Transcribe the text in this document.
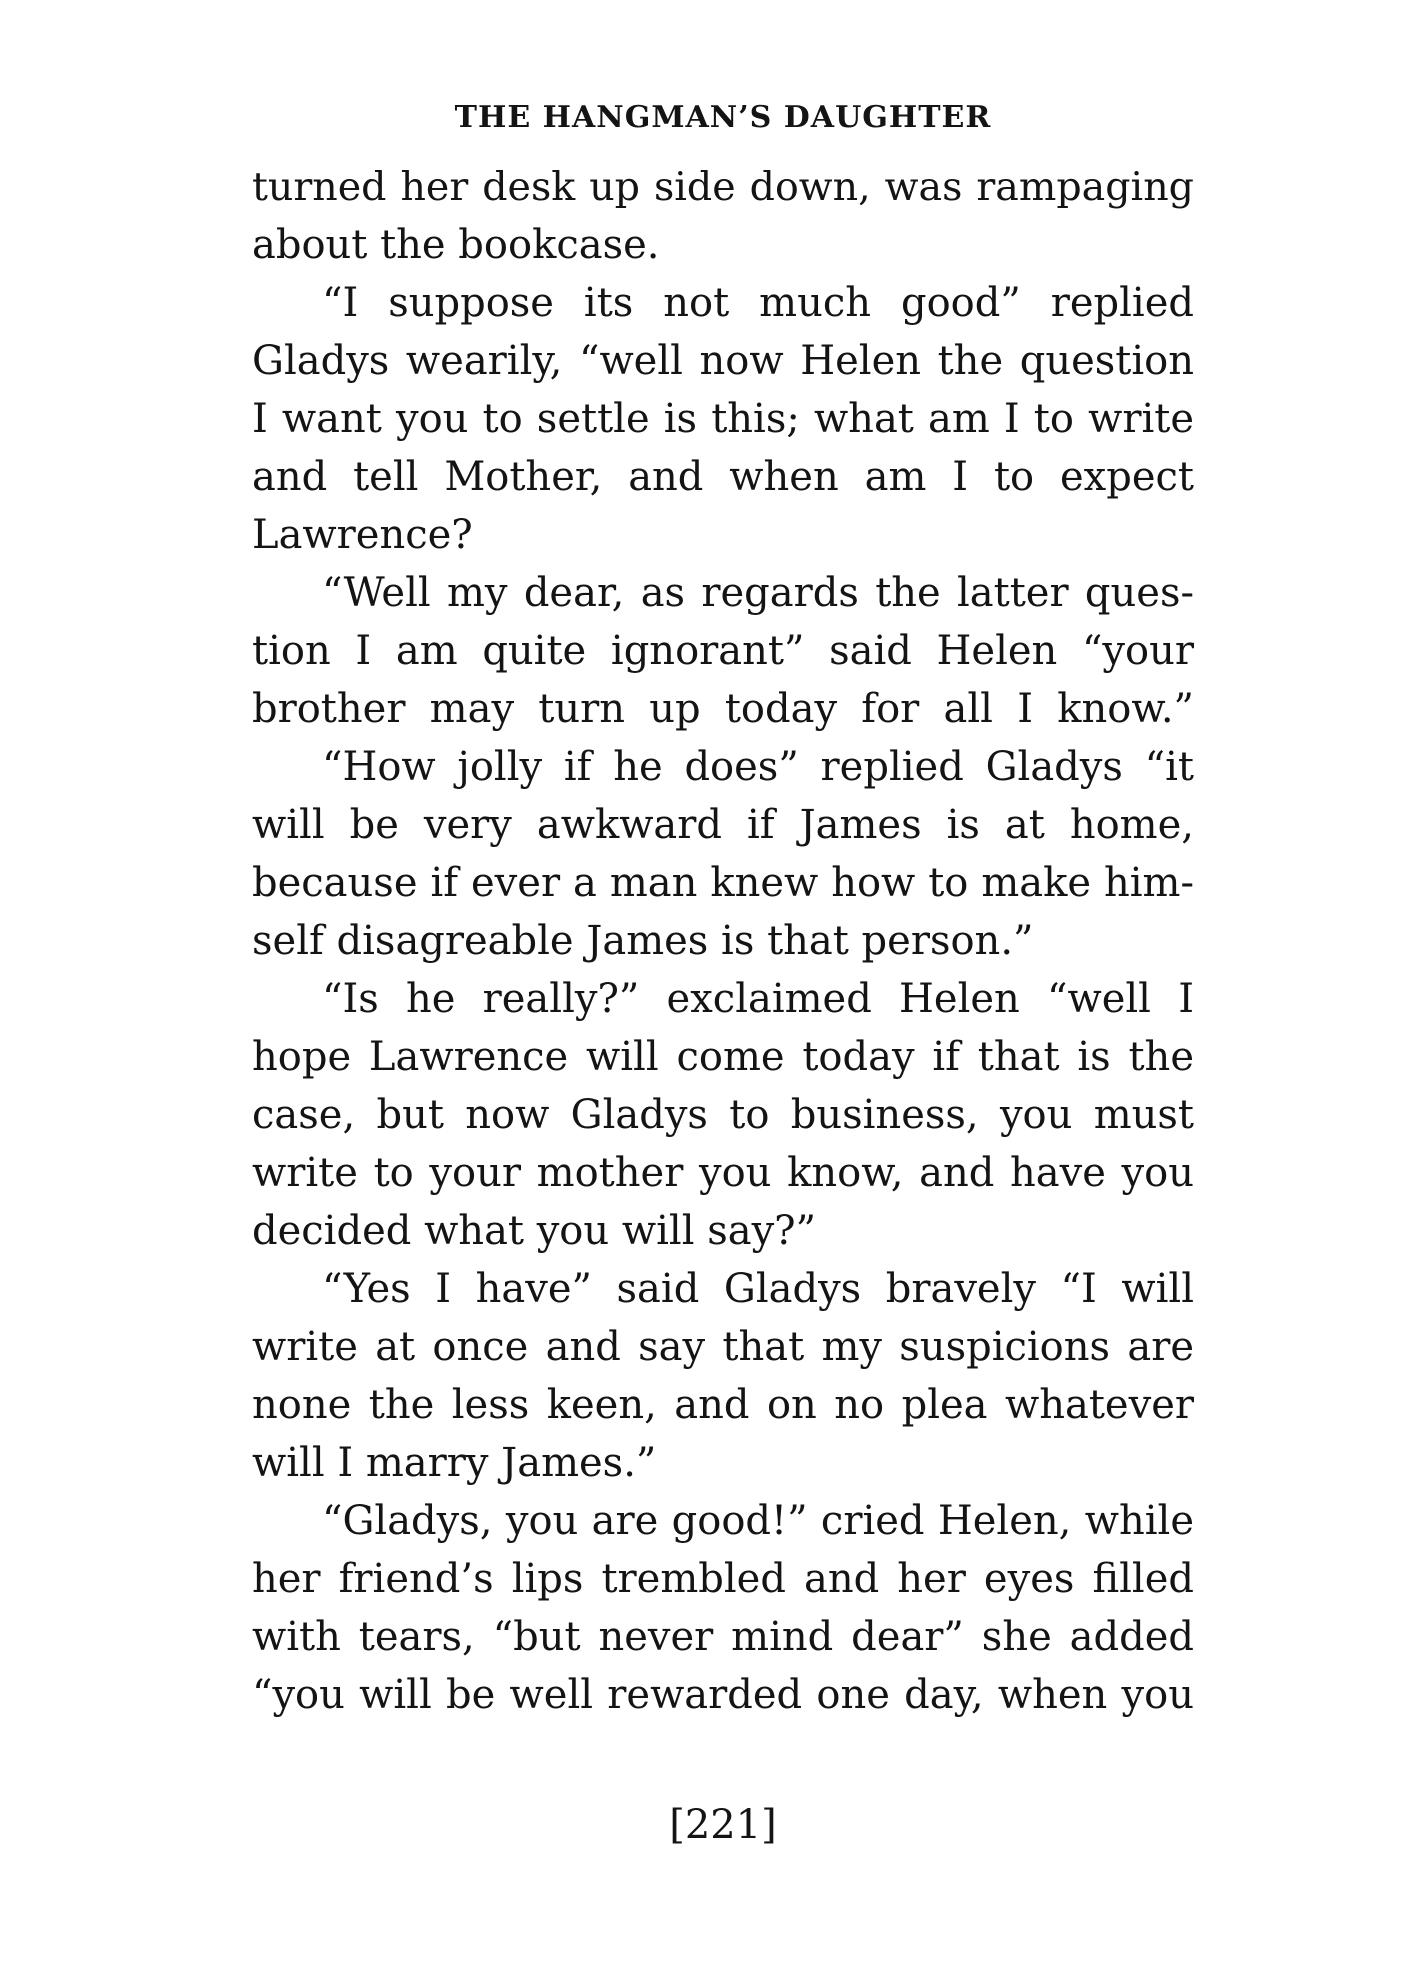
THE HANGMAN’S DAUGHTER
turned her desk up side down, was rampaging
about the bookcase.
“I suppose its not much good” replied
Gladys wearily, “well now Helen the question
I want you to settle is this; what am I to write
and tell Mother, and when am I to expect
Lawrence?
“Well my dear, as regards the latter ques-
tion I am quite ignorant” said Helen “your
brother may turn up today for all I know.”
“How jolly if he does” replied Gladys “it
will be very awkward if James is at home,
because if ever a man knew how to make him-
self disagreable James is that person.”
“Is he really?” exclaimed Helen “well I
hope Lawrence will come today if that is the
case, but now Gladys to business, you must
write to your mother you know, and have you
decided what you will say?”
“Yes I have” said Gladys bravely “I will
write at once and say that my suspicions are
none the less keen, and on no plea whatever
will I marry James.”
“Gladys, you are good!” cried Helen, while
her friend’s lips trembled and her eyes filled
with tears, “but never mind dear” she added
“you will be well rewarded one day, when you
[221]
